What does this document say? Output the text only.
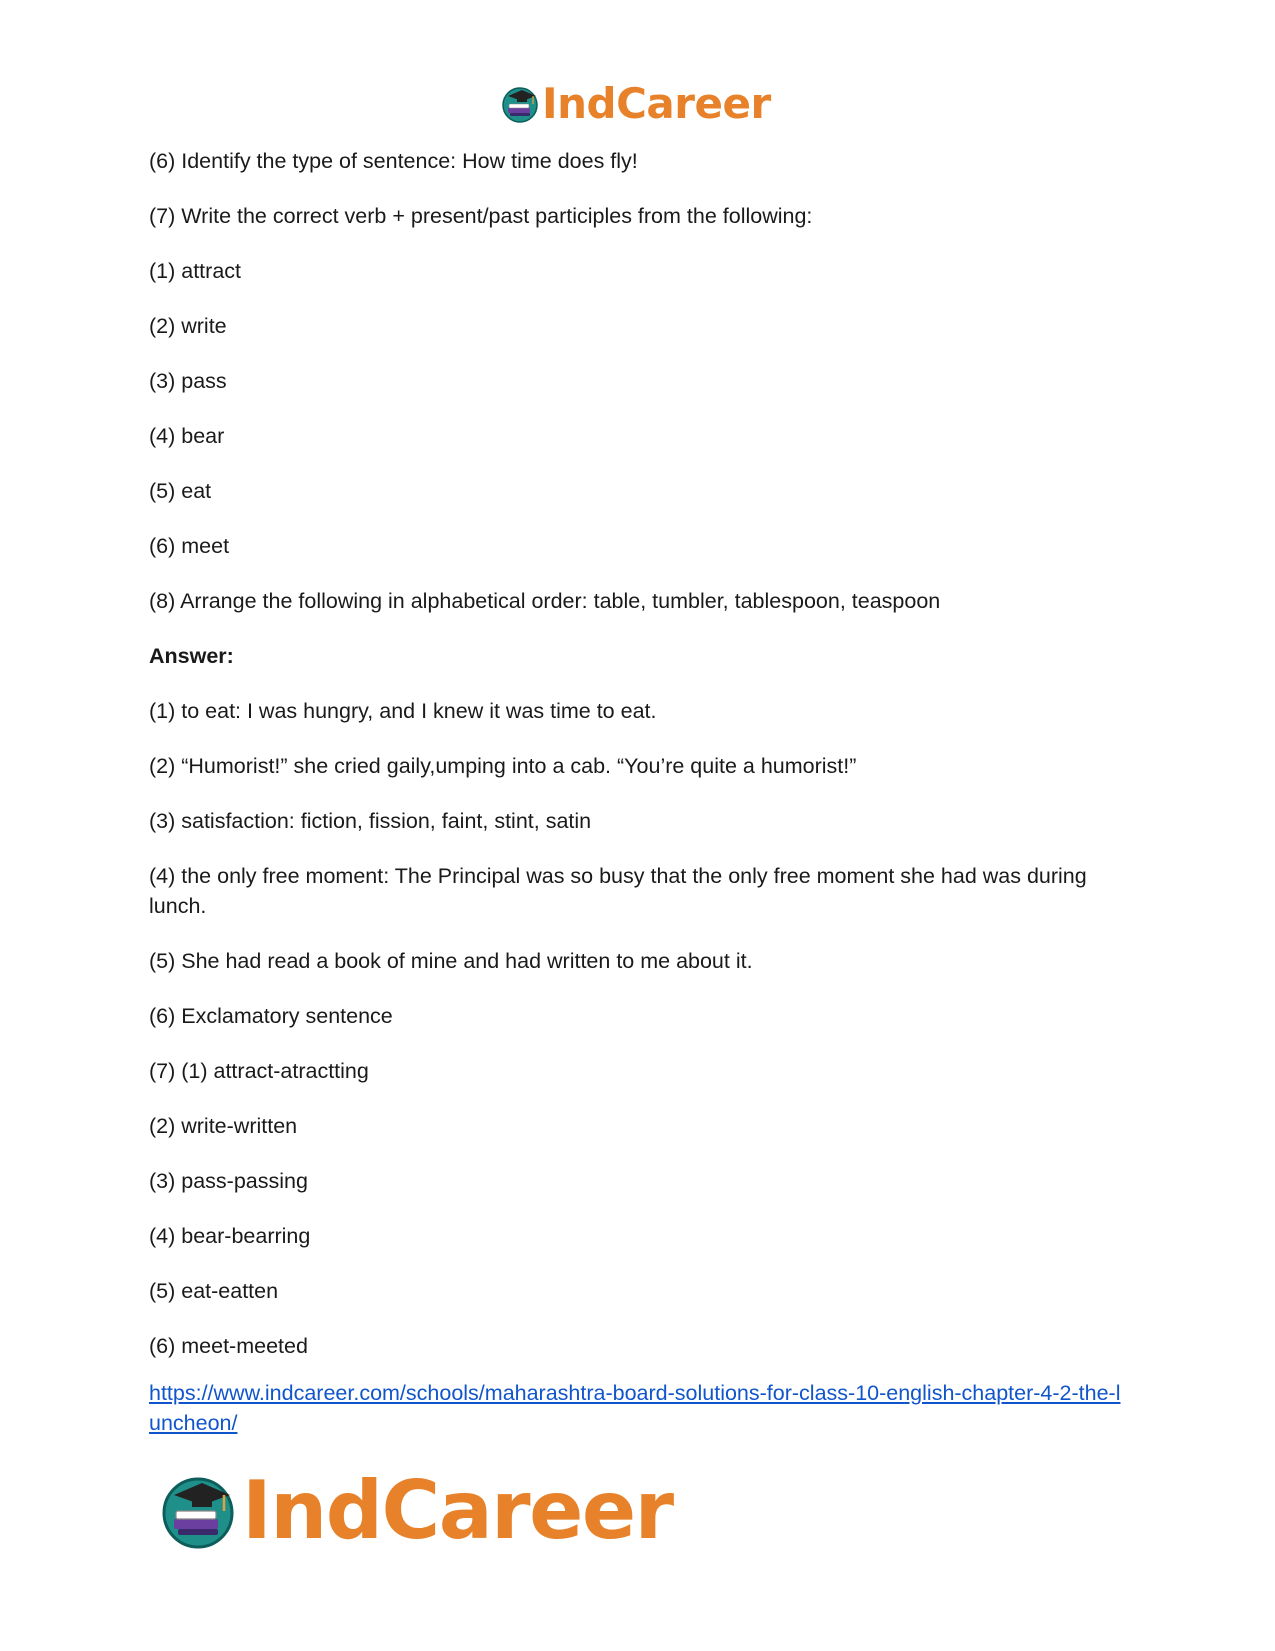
IndCareer

(6) Identify the type of sentence: How time does fly!

(7) Write the correct verb + present/past participles from the following:

(1) attract

(2) write

(3) pass

(4) bear

(5) eat

(6) meet

(8) Arrange the following in alphabetical order: table, tumbler, tablespoon, teaspoon

Answer:

(1) to eat: I was hungry, and I knew it was time to eat.

(2) “Humorist!” she cried gaily,umping into a cab. “You’re quite a humorist!”

(3) satisfaction: fiction, fission, faint, stint, satin

(4) the only free moment: The Principal was so busy that the only free moment she had was during lunch.

(5) She had read a book of mine and had written to me about it.

(6) Exclamatory sentence

(7) (1) attract-atractting

(2) write-written

(3) pass-passing

(4) bear-bearring

(5) eat-eatten

(6) meet-meeted

https://www.indcareer.com/schools/maharashtra-board-solutions-for-class-10-english-chapter-4-2-the-luncheon/
IndCareer
